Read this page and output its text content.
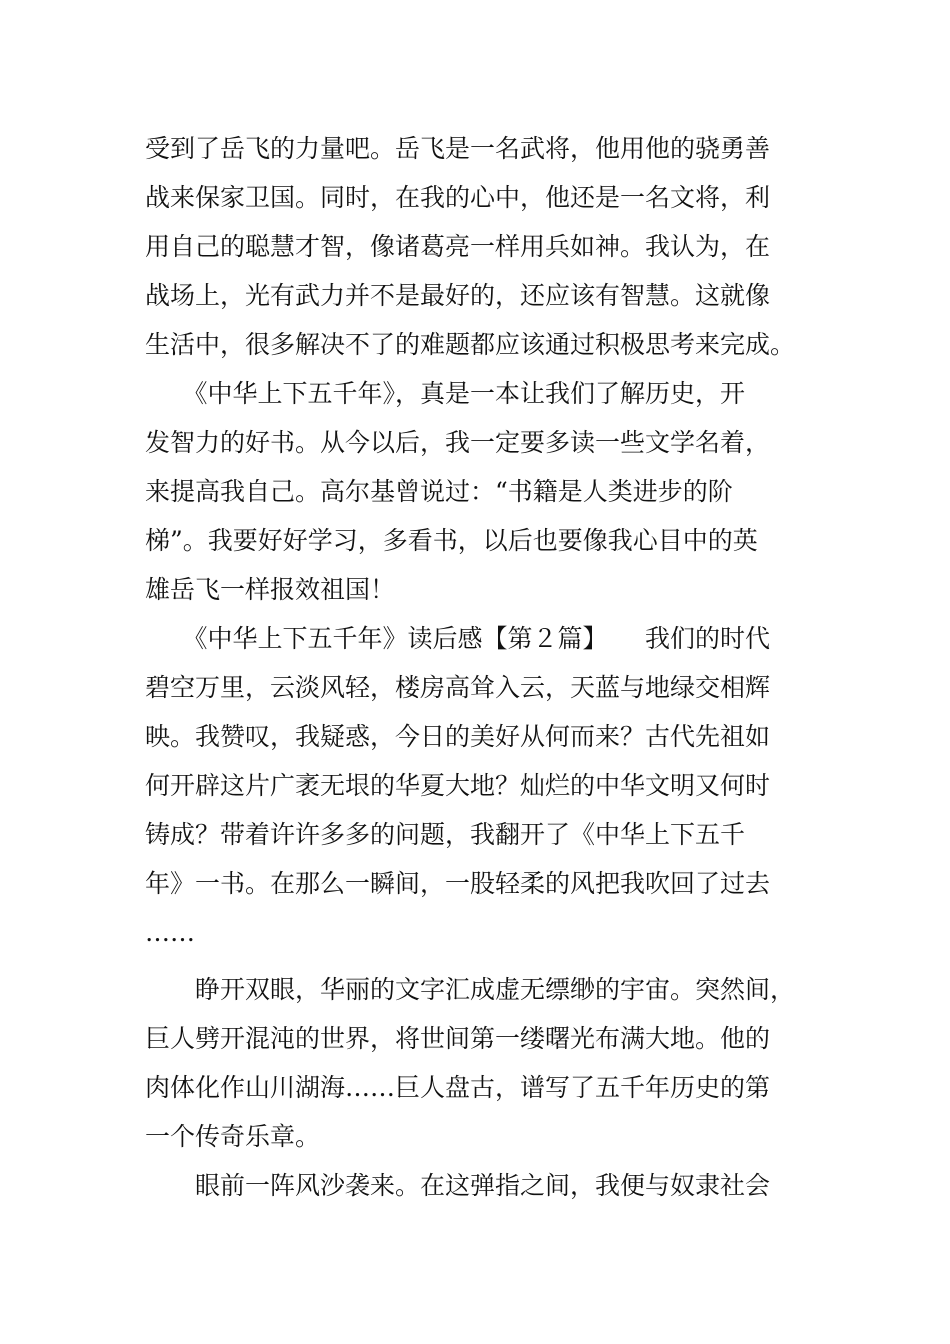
受到了岳飞的力量吧。岳飞是一名武将，他用他的骁勇善
战来保家卫国。同时，在我的心中，他还是一名文将，利
用自己的聪慧才智，像诸葛亮一样用兵如神。我认为，在
战场上，光有武力并不是最好的，还应该有智慧。这就像
生活中，很多解决不了的难题都应该通过积极思考来完成。
　　《中华上下五千年》，真是一本让我们了解历史，开
发智力的好书。从今以后，我一定要多读一些文学名着，
来提高我自己。高尔基曾说过：“书籍是人类进步的阶
梯”。我要好好学习，多看书，以后也要像我心目中的英
雄岳飞一样报效祖国！
　　《中华上下五千年》读后感【第２篇】　　我们的时代
碧空万里，云淡风轻，楼房高耸入云，天蓝与地绿交相辉
映。我赞叹，我疑惑，今日的美好从何而来？古代先祖如
何开辟这片广袤无垠的华夏大地？灿烂的中华文明又何时
铸成？带着许许多多的问题，我翻开了《中华上下五千
年》一书。在那么一瞬间，一股轻柔的风把我吹回了过去
……
　　睁开双眼，华丽的文字汇成虚无缥缈的宇宙。突然间，
巨人劈开混沌的世界，将世间第一缕曙光布满大地。他的
肉体化作山川湖海……巨人盘古，谱写了五千年历史的第
一个传奇乐章。
　　眼前一阵风沙袭来。在这弹指之间，我便与奴隶社会
